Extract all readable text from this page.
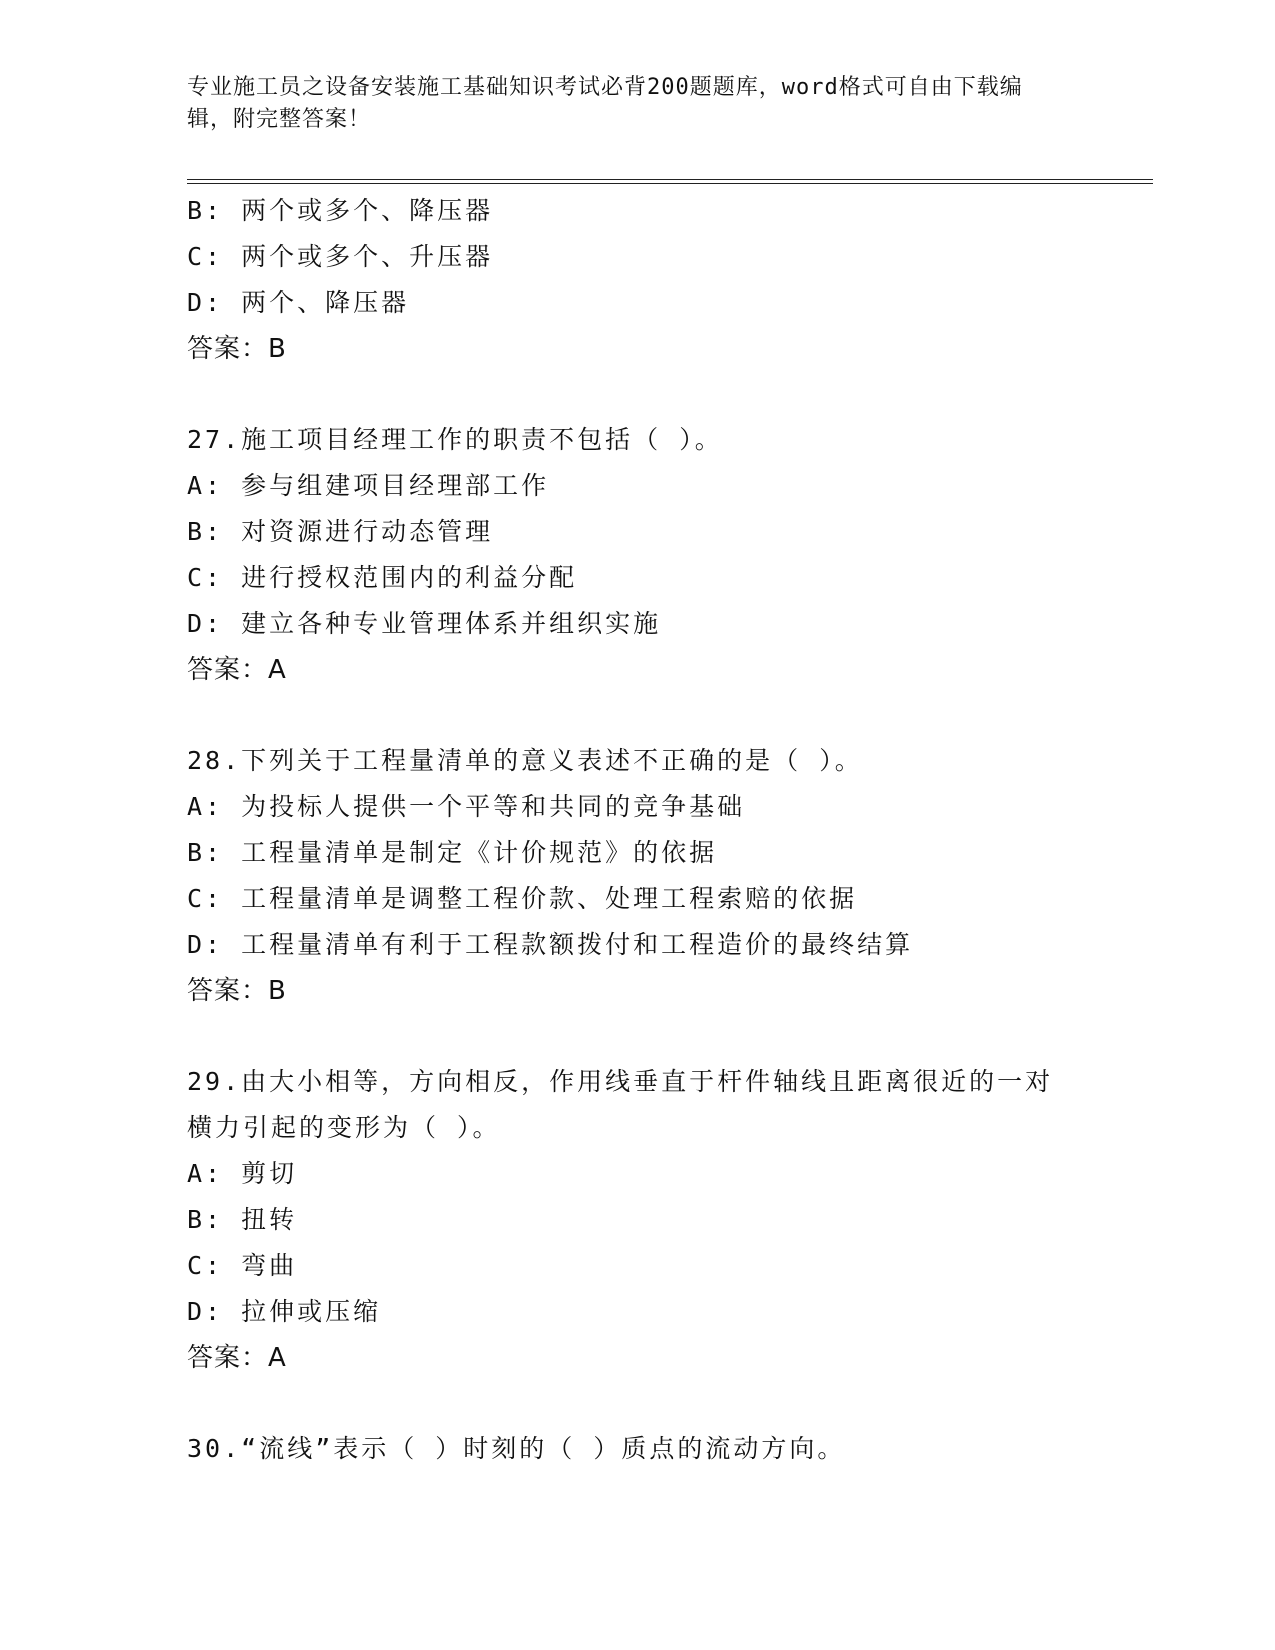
专业施工员之设备安装施工基础知识考试必背200题题库，word格式可自由下载编辑，附完整答案！
B: 两个或多个、降压器
C: 两个或多个、升压器
D: 两个、降压器
答案：B
27.施工项目经理工作的职责不包括（ ）。
A: 参与组建项目经理部工作
B: 对资源进行动态管理
C: 进行授权范围内的利益分配
D: 建立各种专业管理体系并组织实施
答案：A
28.下列关于工程量清单的意义表述不正确的是（ ）。
A: 为投标人提供一个平等和共同的竞争基础
B: 工程量清单是制定《计价规范》的依据
C: 工程量清单是调整工程价款、处理工程索赔的依据
D: 工程量清单有利于工程款额拨付和工程造价的最终结算
答案：B
29.由大小相等，方向相反，作用线垂直于杆件轴线且距离很近的一对横力引起的变形为（ ）。
A: 剪切
B: 扭转
C: 弯曲
D: 拉伸或压缩
答案：A
30.“流线”表示（ ）时刻的（ ）质点的流动方向。
